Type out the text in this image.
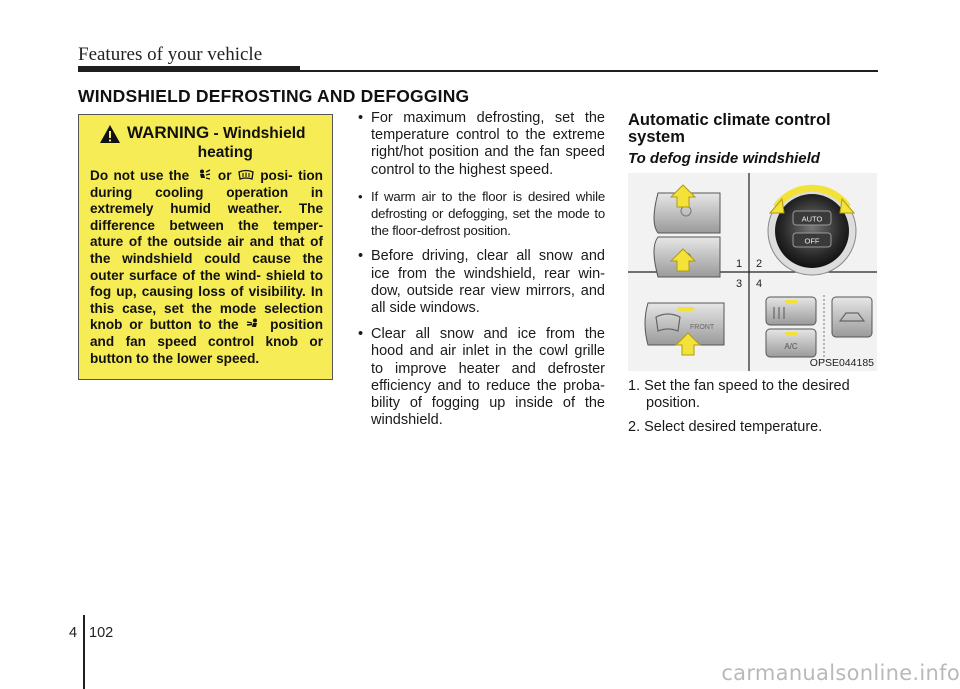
Features of your vehicle
WINDSHIELD DEFROSTING AND DEFOGGING
WARNING - Windshield
heating
Do not use the  or  posi- tion during cooling operation in extremely humid weather. The difference between the temper- ature of the outside air and that of the windshield could cause the outer surface of the wind- shield to fog up, causing loss of visibility. In this case, set the mode selection knob or button to the  position and fan speed control knob or button to the lower speed.
• For maximum defrosting, set the temperature control to the extreme right/hot position and the fan speed control to the highest speed.
• If warm air to the floor is desired while defrosting or defogging, set the mode to the floor-defrost position.
• Before driving, clear all snow and ice from the windshield, rear win- dow, outside rear view mirrors, and all side windows.
• Clear all snow and ice from the hood and air inlet in the cowl grille to improve heater and defroster efficiency and to reduce the proba- bility of fogging up inside of the windshield.
Automatic climate control system
To defog inside windshield
AUTO
OFF
1 2
3 4
FRONT
A/C
OPSE044185
1. Set the fan speed to the desired
position.
2. Select desired temperature.
4 102
carmanualsonline.info
